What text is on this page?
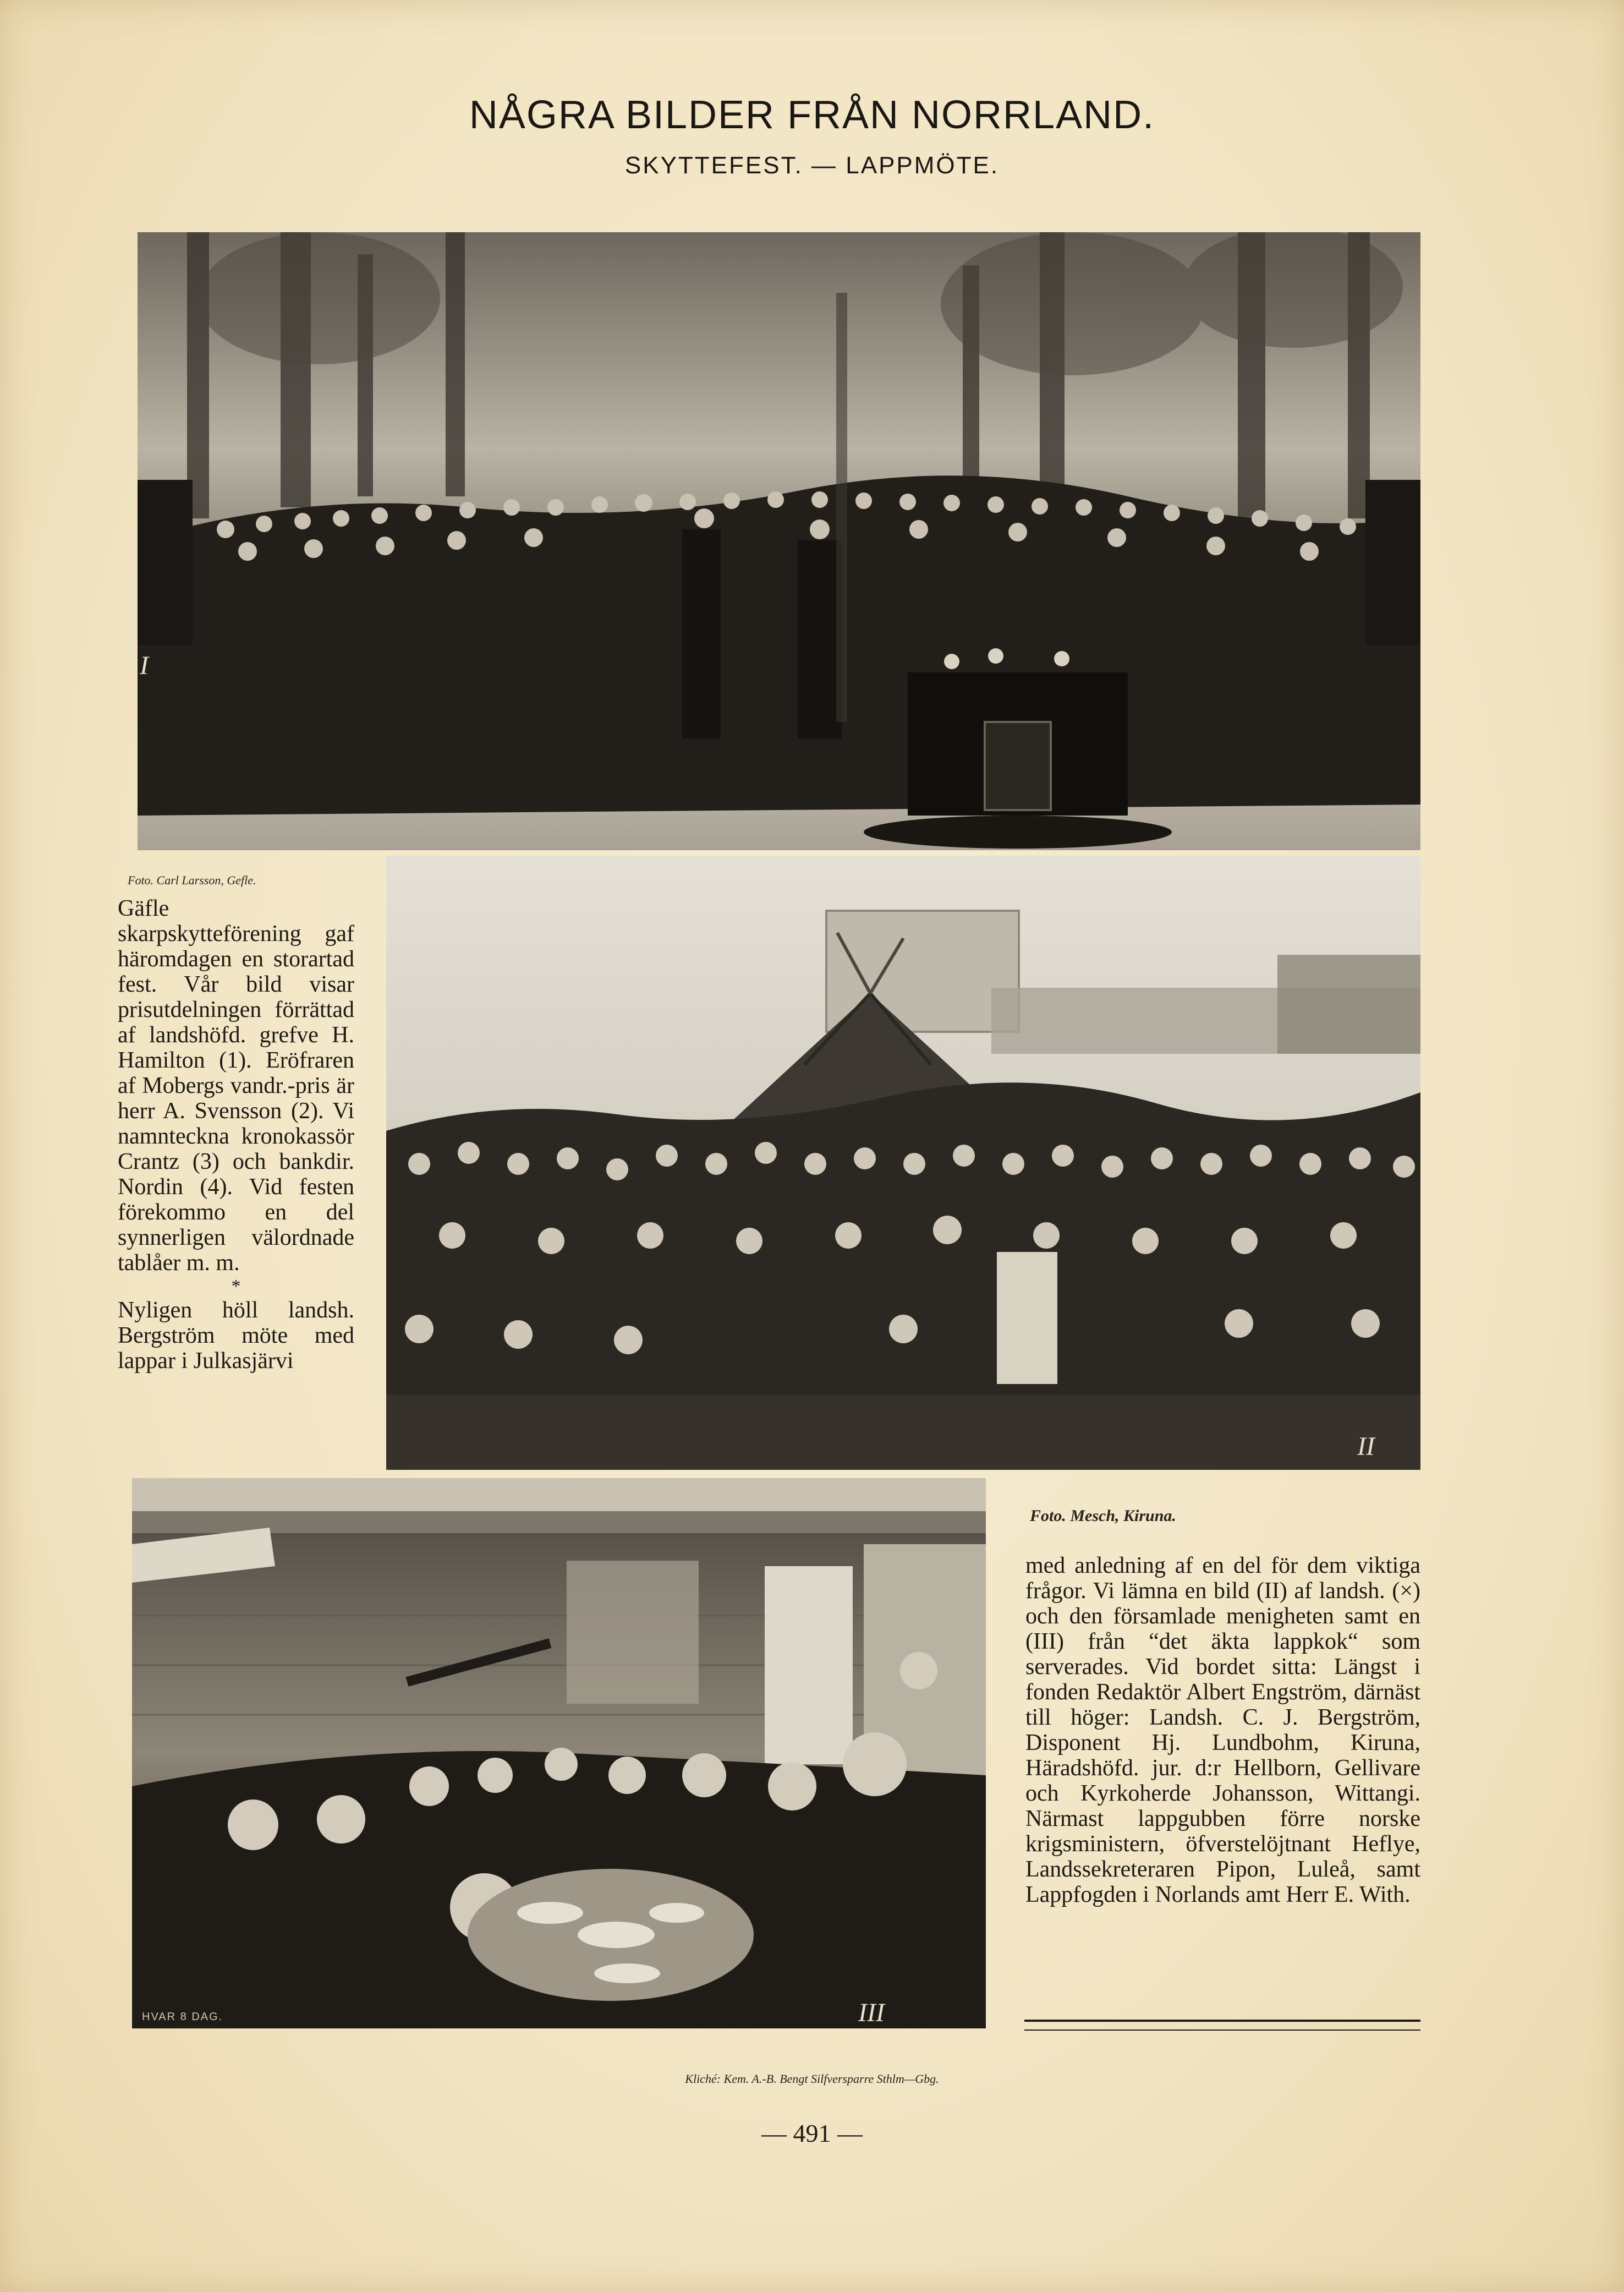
NÅGRA BILDER FRÅN NORRLAND.
SKYTTEFEST. — LAPPMÖTE.
I
Foto. Carl Larsson, Gefle.

Gäfle skarpskytteförening gaf häromdagen en storartad fest. Vår bild visar prisutdelningen förrättad af landshöfd. grefve H. Hamilton (1). Eröfraren af Mobergs vandr.-pris är herr A. Svensson (2). Vi namnteckna kronokassör Crantz (3) och bankdir. Nordin (4). Vid festen förekommo en del synnerligen välordnade tablåer m. m.

*

Nyligen höll landsh. Bergström möte med lappar i Julkasjärvi

II
HVAR 8 DAG.	III
Foto. Mesch, Kiruna.

med anledning af en del för dem viktiga frågor. Vi lämna en bild (II) af landsh. (×) och den församlade menigheten samt en (III) från “det äkta lappkok“ som serverades. Vid bordet sitta: Längst i fonden Redaktör Albert Engström, därnäst till höger: Landsh. C. J. Bergström, Disponent Hj. Lundbohm, Kiruna, Häradshöfd. jur. d:r Hellborn, Gellivare och Kyrkoherde Johansson, Wittangi. Närmast lappgubben förre norske krigsministern, öfverstelöjtnant Heflye, Landssekreteraren Pipon, Luleå, samt Lappfogden i Norlands amt Herr E. With.

Kliché: Kem. A.-B. Bengt Silfversparre Sthlm—Gbg.
— 491 —
